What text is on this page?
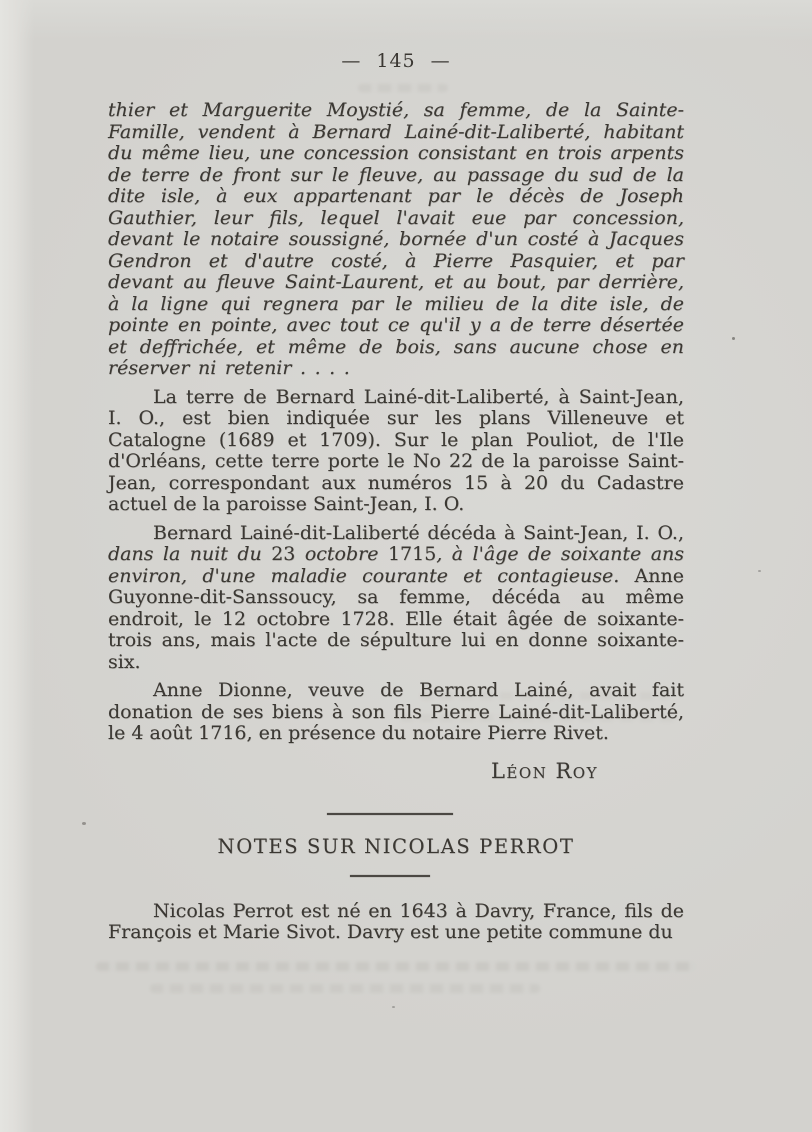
— 145 —

thier et Marguerite Moystié, sa femme, de la Sainte-Famille, vendent à Bernard Lainé-dit-Laliberté, habitant du même lieu, une concession consistant en trois arpents de terre de front sur le fleuve, au passage du sud de la dite isle, à eux appartenant par le décès de Joseph Gauthier, leur fils, lequel l'avait eue par concession, devant le notaire soussigné, bornée d'un costé à Jacques Gendron et d'autre costé, à Pierre Pasquier, et par devant au fleuve Saint-Laurent, et au bout, par derrière, à la ligne qui regnera par le milieu de la dite isle, de pointe en pointe, avec tout ce qu'il y a de terre désertée et deffrichée, et même de bois, sans aucune chose en réserver ni retenir . . . .

La terre de Bernard Lainé-dit-Laliberté, à Saint-Jean, I. O., est bien indiquée sur les plans Villeneuve et Catalogne (1689 et 1709). Sur le plan Pouliot, de l'Ile d'Orléans, cette terre porte le No 22 de la paroisse Saint-Jean, correspondant aux numéros 15 à 20 du Cadastre actuel de la paroisse Saint-Jean, I. O.

Bernard Lainé-dit-Laliberté décéda à Saint-Jean, I. O., dans la nuit du 23 octobre 1715, à l'âge de soixante ans environ, d'une maladie courante et contagieuse. Anne Guyonne-dit-Sanssoucy, sa femme, décéda au même endroit, le 12 octobre 1728. Elle était âgée de soixante-trois ans, mais l'acte de sépulture lui en donne soixante-six.

Anne Dionne, veuve de Bernard Lainé, avait fait donation de ses biens à son fils Pierre Lainé-dit-Laliberté, le 4 août 1716, en présence du notaire Pierre Rivet.

Léon Roy
NOTES SUR NICOLAS PERROT

Nicolas Perrot est né en 1643 à Davry, France, fils de François et Marie Sivot. Davry est une petite commune du
